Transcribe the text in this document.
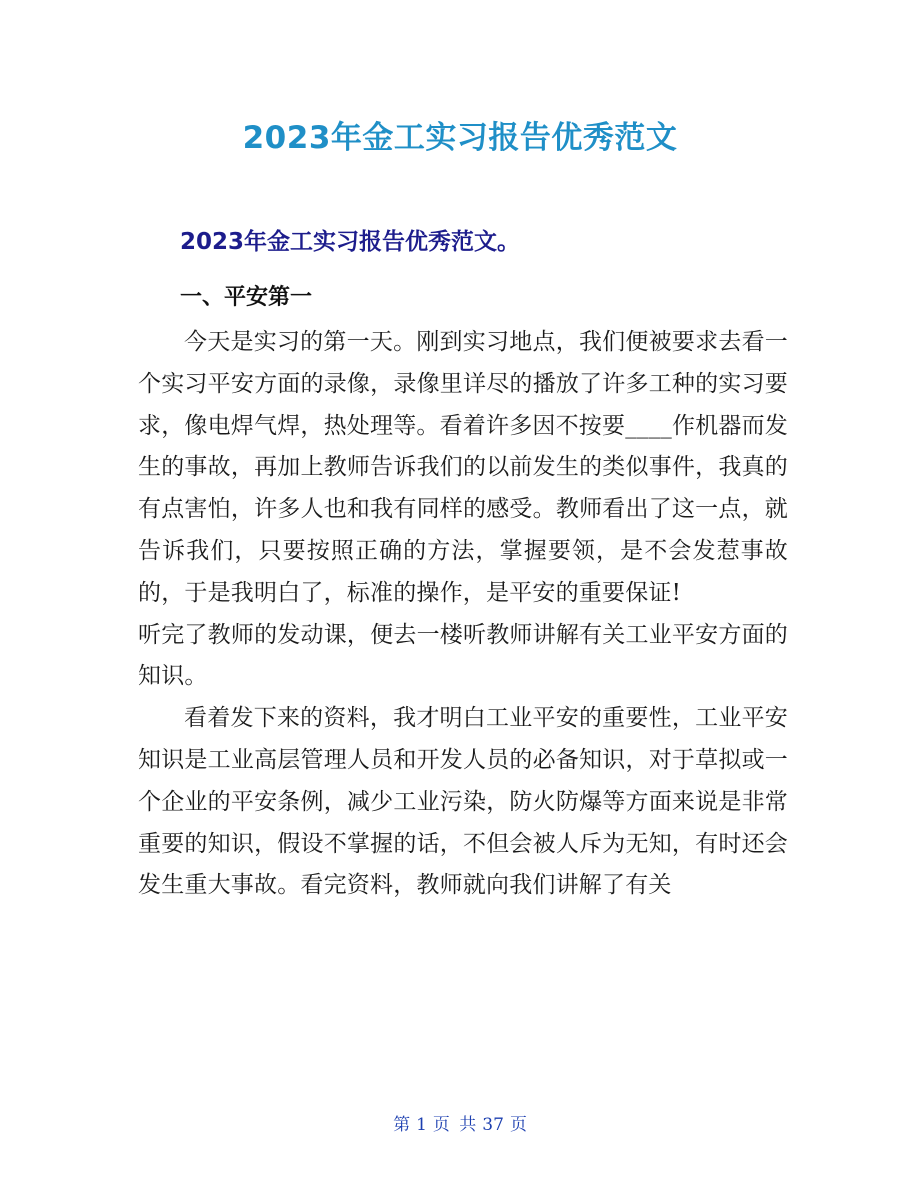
2023年金工实习报告优秀范文
2023年金工实习报告优秀范文。
一、平安第一

今天是实习的第一天。刚到实习地点，我们便被要求去看一个实习平安方面的录像，录像里详尽的播放了许多工种的实习要求，像电焊气焊，热处理等。看着许多因不按要____作机器而发生的事故，再加上教师告诉我们的以前发生的类似事件，我真的有点害怕，许多人也和我有同样的感受。教师看出了这一点，就告诉我们，只要按照正确的方法，掌握要领，是不会发惹事故的，于是我明白了，标准的操作，是平安的重要保证!

听完了教师的发动课，便去一楼听教师讲解有关工业平安方面的知识。

看着发下来的资料，我才明白工业平安的重要性，工业平安知识是工业高层管理人员和开发人员的必备知识，对于草拟或一个企业的平安条例，减少工业污染，防火防爆等方面来说是非常重要的知识，假设不掌握的话，不但会被人斥为无知，有时还会发生重大事故。看完资料，教师就向我们讲解了有关

第 1 页 共 37 页
